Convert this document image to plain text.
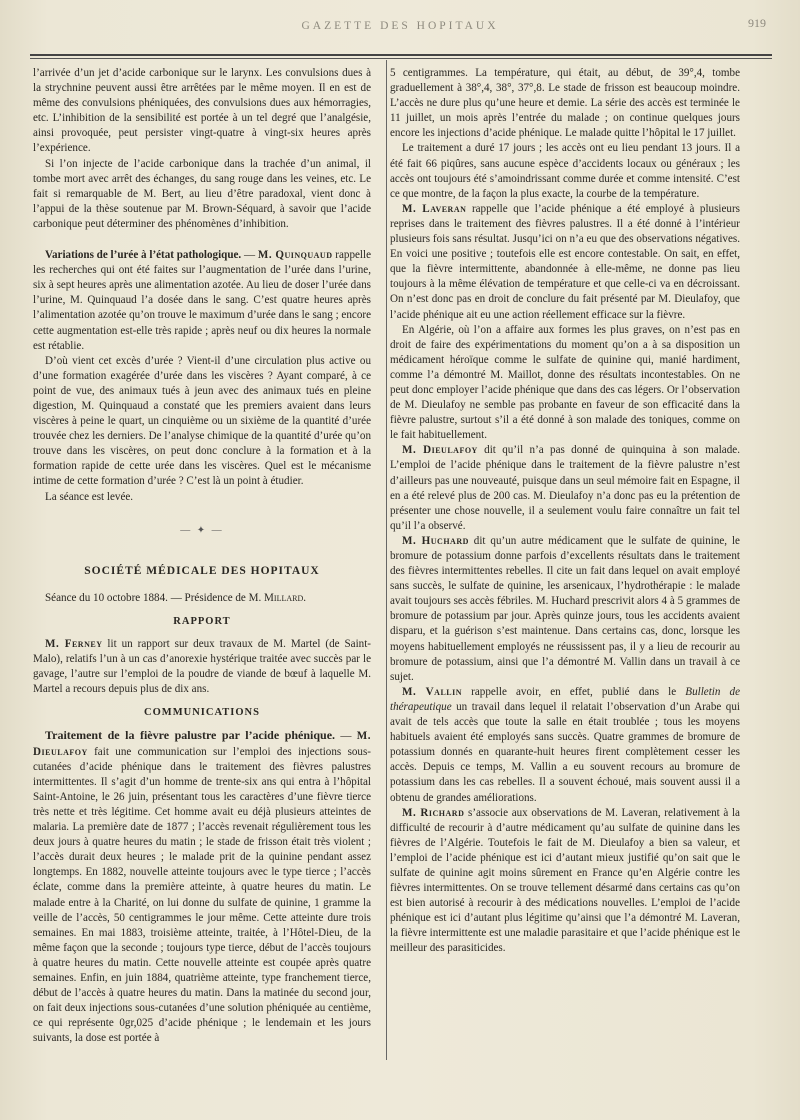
GAZETTE DES HOPITAUX	919

l’arrivée d’un jet d’acide carbonique sur le larynx. Les convulsions dues à la strychnine peuvent aussi être arrêtées par le même moyen. Il en est de même des convulsions phéniquées, des convulsions dues aux hémorragies, etc. L’inhibition de la sensibilité est portée à un tel degré que l’analgésie, ainsi provoquée, peut persister vingt-quatre à vingt-six heures après l’expérience.

Si l’on injecte de l’acide carbonique dans la trachée d’un animal, il tombe mort avec arrêt des échanges, du sang rouge dans les veines, etc. Le fait si remarquable de M. Bert, au lieu d’être paradoxal, vient donc à l’appui de la thèse soutenue par M. Brown-Séquard, à savoir que l’acide carbonique peut déterminer des phénomènes d’inhibition.

Variations de l’urée à l’état pathologique. — M. Quinquaud rappelle les recherches qui ont été faites sur l’augmentation de l’urée dans l’urine, six à sept heures après une alimentation azotée. Au lieu de doser l’urée dans l’urine, M. Quinquaud l’a dosée dans le sang. C’est quatre heures après l’alimentation azotée qu’on trouve le maximum d’urée dans le sang ; encore cette augmentation est-elle très rapide ; après neuf ou dix heures la normale est rétablie.

D’où vient cet excès d’urée ? Vient-il d’une circulation plus active ou d’une formation exagérée d’urée dans les viscères ? Ayant comparé, à ce point de vue, des animaux tués à jeun avec des animaux tués en pleine digestion, M. Quinquaud a constaté que les premiers avaient dans leurs viscères à peine le quart, un cinquième ou un sixième de la quantité d’urée trouvée chez les derniers. De l’analyse chimique de la quantité d’urée qu’on trouve dans les viscères, on peut donc conclure à la formation et à la formation rapide de cette urée dans les viscères. Quel est le mécanisme intime de cette formation d’urée ? C’est là un point à étudier.

La séance est levée.

— ✦ —
SOCIÉTÉ MÉDICALE DES HOPITAUX

Séance du 10 octobre 1884. — Présidence de M. Millard.

RAPPORT

M. Ferney lit un rapport sur deux travaux de M. Martel (de Saint-Malo), relatifs l’un à un cas d’anorexie hystérique traitée avec succès par le gavage, l’autre sur l’emploi de la poudre de viande de bœuf à laquelle M. Martel a recours depuis plus de dix ans.

COMMUNICATIONS

Traitement de la fièvre palustre par l’acide phénique. — M. Dieulafoy fait une communication sur l’emploi des injections sous-cutanées d’acide phénique dans le traitement des fièvres palustres intermittentes. Il s’agit d’un homme de trente-six ans qui entra à l’hôpital Saint-Antoine, le 26 juin, présentant tous les caractères d’une fièvre tierce très nette et très légitime. Cet homme avait eu déjà plusieurs atteintes de malaria. La première date de 1877 ; l’accès revenait régulièrement tous les deux jours à quatre heures du matin ; le stade de frisson était très violent ; l’accès durait deux heures ; le malade prit de la quinine pendant assez longtemps. En 1882, nouvelle atteinte toujours avec le type tierce ; l’accès éclate, comme dans la première atteinte, à quatre heures du matin. Le malade entre à la Charité, on lui donne du sulfate de quinine, 1 gramme la veille de l’accès, 50 centigrammes le jour même. Cette atteinte dure trois semaines. En mai 1883, troisième atteinte, traitée, à l’Hôtel-Dieu, de la même façon que la seconde ; toujours type tierce, début de l’accès toujours à quatre heures du matin. Cette nouvelle atteinte est coupée après quatre semaines. Enfin, en juin 1884, quatrième atteinte, type franchement tierce, début de l’accès à quatre heures du matin. Dans la matinée du second jour, on fait deux injections sous-cutanées d’une solution phéniquée au centième, ce qui représente 0gr,025 d’acide phénique ; le lendemain et les jours suivants, la dose est portée à

5 centigrammes. La température, qui était, au début, de 39°,4, tombe graduellement à 38°,4, 38°, 37°,8. Le stade de frisson est beaucoup moindre. L’accès ne dure plus qu’une heure et demie. La série des accès est terminée le 11 juillet, un mois après l’entrée du malade ; on continue quelques jours encore les injections d’acide phénique. Le malade quitte l’hôpital le 17 juillet.

Le traitement a duré 17 jours ; les accès ont eu lieu pendant 13 jours. Il a été fait 66 piqûres, sans aucune espèce d’accidents locaux ou généraux ; les accès ont toujours été s’amoindrissant comme durée et comme intensité. C’est ce que montre, de la façon la plus exacte, la courbe de la température.

M. Laveran rappelle que l’acide phénique a été employé à plusieurs reprises dans le traitement des fièvres palustres. Il a été donné à l’intérieur plusieurs fois sans résultat. Jusqu’ici on n’a eu que des observations négatives. En voici une positive ; toutefois elle est encore contestable. On sait, en effet, que la fièvre intermittente, abandonnée à elle-même, ne donne pas lieu toujours à la même élévation de température et que celle-ci va en décroissant. On n’est donc pas en droit de conclure du fait présenté par M. Dieulafoy, que l’acide phénique ait eu une action réellement efficace sur la fièvre.

En Algérie, où l’on a affaire aux formes les plus graves, on n’est pas en droit de faire des expérimentations du moment qu’on a à sa disposition un médicament héroïque comme le sulfate de quinine qui, manié hardiment, comme l’a démontré M. Maillot, donne des résultats incontestables. On ne peut donc employer l’acide phénique que dans des cas légers. Or l’observation de M. Dieulafoy ne semble pas probante en faveur de son efficacité dans la fièvre palustre, surtout s’il a été donné à son malade des toniques, comme on le fait habituellement.

M. Dieulafoy dit qu’il n’a pas donné de quinquina à son malade. L’emploi de l’acide phénique dans le traitement de la fièvre palustre n’est d’ailleurs pas une nouveauté, puisque dans un seul mémoire fait en Espagne, il en a été relevé plus de 200 cas. M. Dieulafoy n’a donc pas eu la prétention de présenter une chose nouvelle, il a seulement voulu faire connaître un fait tel qu’il l’a observé.

M. Huchard dit qu’un autre médicament que le sulfate de quinine, le bromure de potassium donne parfois d’excellents résultats dans le traitement des fièvres intermittentes rebelles. Il cite un fait dans lequel on avait employé sans succès, le sulfate de quinine, les arsenicaux, l’hydrothérapie : le malade avait toujours ses accès fébriles. M. Huchard prescrivit alors 4 à 5 grammes de bromure de potassium par jour. Après quinze jours, tous les accidents avaient disparu, et la guérison s’est maintenue. Dans certains cas, donc, lorsque les moyens habituellement employés ne réussissent pas, il y a lieu de recourir au bromure de potassium, ainsi que l’a démontré M. Vallin dans un travail à ce sujet.

M. Vallin rappelle avoir, en effet, publié dans le Bulletin de thérapeutique un travail dans lequel il relatait l’observation d’un Arabe qui avait de tels accès que toute la salle en était troublée ; tous les moyens habituels avaient été employés sans succès. Quatre grammes de bromure de potassium donnés en quarante-huit heures firent complètement cesser les accès. Depuis ce temps, M. Vallin a eu souvent recours au bromure de potassium dans les cas rebelles. Il a souvent échoué, mais souvent aussi il a obtenu de grandes améliorations.

M. Richard s’associe aux observations de M. Laveran, relativement à la difficulté de recourir à d’autre médicament qu’au sulfate de quinine dans les fièvres de l’Algérie. Toutefois le fait de M. Dieulafoy a bien sa valeur, et l’emploi de l’acide phénique est ici d’autant mieux justifié qu’on sait que le sulfate de quinine agit moins sûrement en France qu’en Algérie contre les fièvres intermittentes. On se trouve tellement désarmé dans certains cas qu’on est bien autorisé à recourir à des médications nouvelles. L’emploi de l’acide phénique est ici d’autant plus légitime qu’ainsi que l’a démontré M. Laveran, la fièvre intermittente est une maladie parasitaire et que l’acide phénique est le meilleur des parasiticides.
